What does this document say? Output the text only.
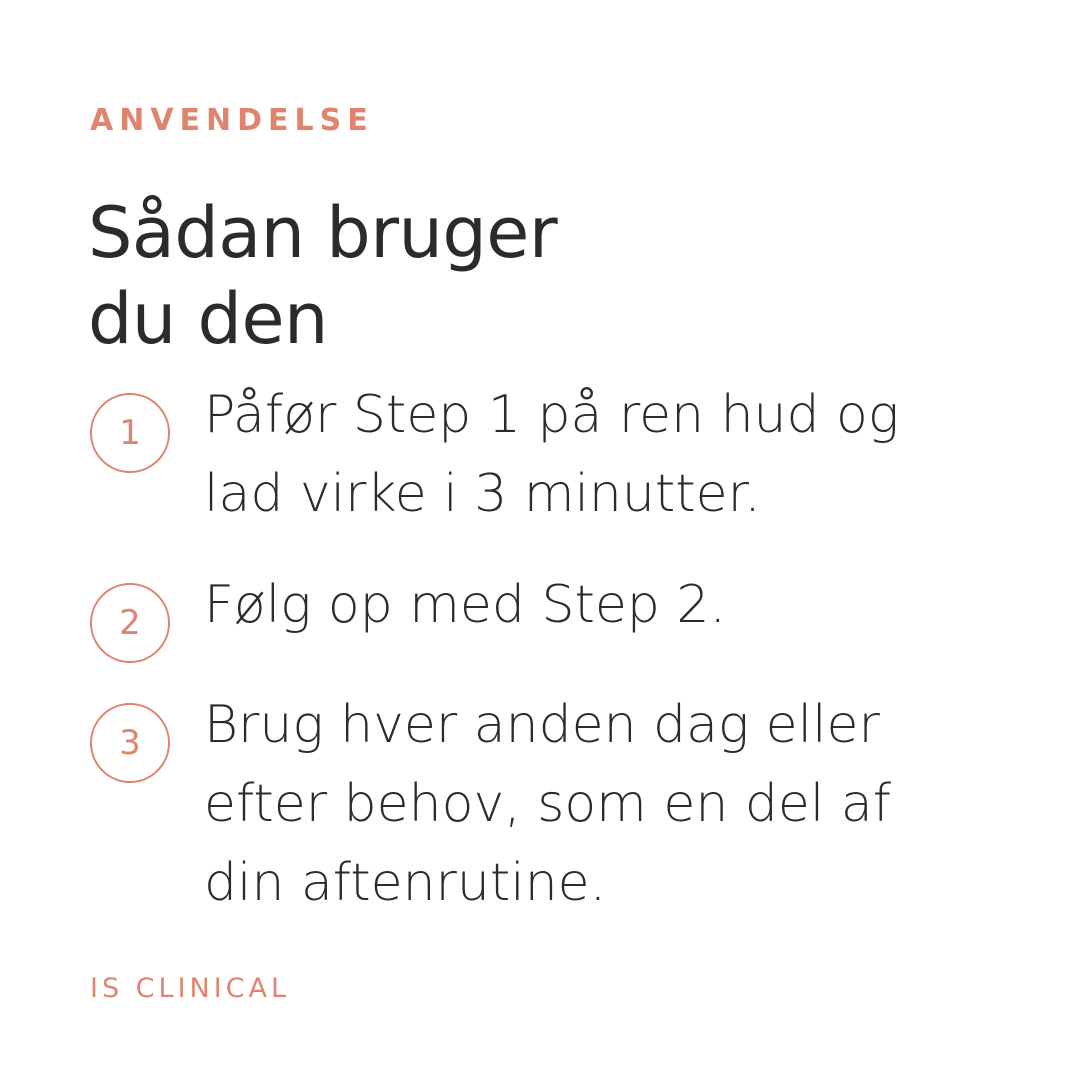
ANVENDELSE
Sådan bruger
du den
1	Påfør Step 1 på ren hud og
lad virke i 3 minutter.
2	Følg op med Step 2.
3	Brug hver anden dag eller
efter behov, som en del af
din aftenrutine.
IS CLINICAL
